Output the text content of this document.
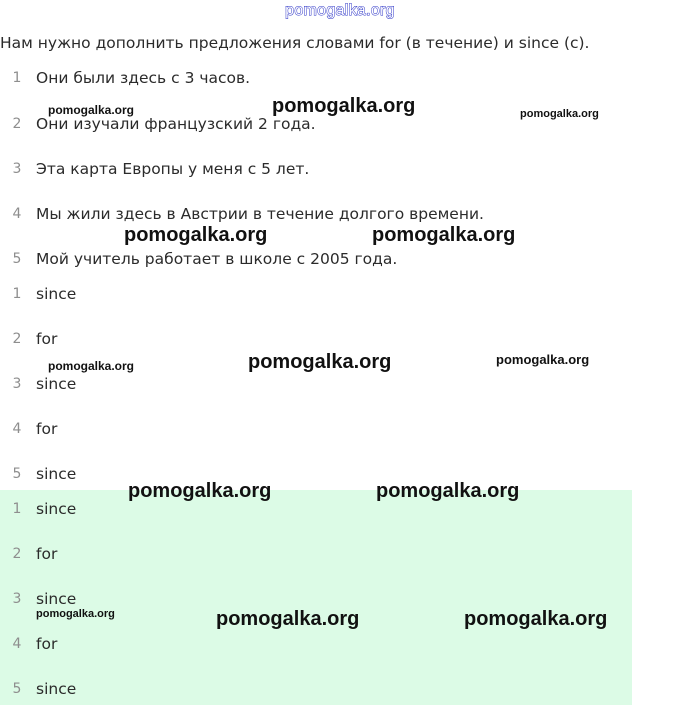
pomogalka.org
Нам нужно дополнить предложения словами for (в течение) и since (с).
1 Они были здесь с 3 часов.
2 Они изучали французский 2 года.
3 Эта карта Европы у меня с 5 лет.
4 Мы жили здесь в Австрии в течение долгого времени.
5 Мой учитель работает в школе с 2005 года.
1 since
2 for
3 since
4 for
5 since
1 since
2 for
3 since
4 for
5 since
pomogalka.org	pomogalka.org	pomogalka.org
pomogalka.org	pomogalka.org
pomogalka.org	pomogalka.org	pomogalka.org
pomogalka.org	pomogalka.org
pomogalka.org	pomogalka.org	pomogalka.org
